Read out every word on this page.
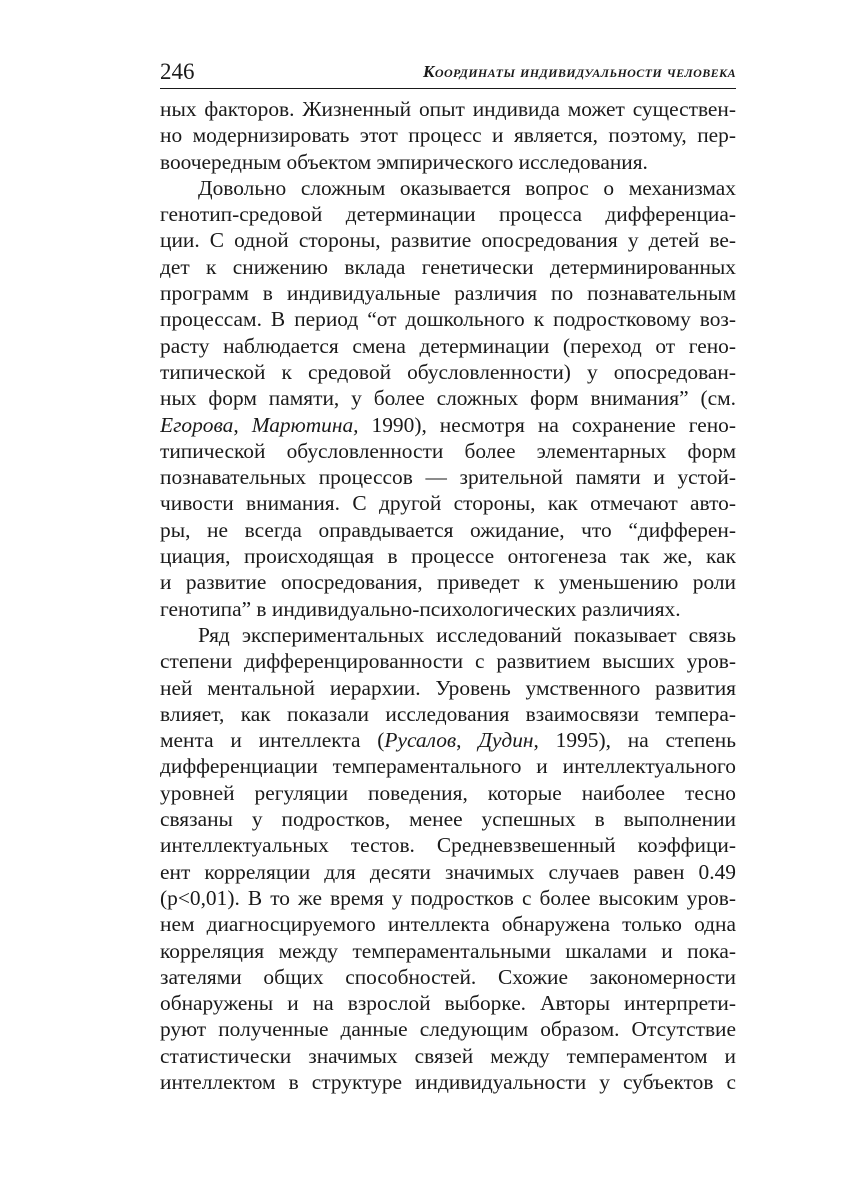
246	Координаты индивидуальности человека
ных факторов. Жизненный опыт индивида может существен-
но модернизировать этот процесс и является, поэтому, пер-
воочередным объектом эмпирического исследования.
Довольно сложным оказывается вопрос о механизмах
генотип-средовой детерминации процесса дифференциа-
ции. С одной стороны, развитие опосредования у детей ве-
дет к снижению вклада генетически детерминированных
программ в индивидуальные различия по познавательным
процессам. В период “от дошкольного к подростковому воз-
расту наблюдается смена детерминации (переход от гено-
типической к средовой обусловленности) у опосредован-
ных форм памяти, у более сложных форм внимания” (см.
Егорова, Марютина, 1990), несмотря на сохранение гено-
типической обусловленности более элементарных форм
познавательных процессов — зрительной памяти и устой-
чивости внимания. С другой стороны, как отмечают авто-
ры, не всегда оправдывается ожидание, что “дифферен-
циация, происходящая в процессе онтогенеза так же, как
и развитие опосредования, приведет к уменьшению роли
генотипа” в индивидуально-психологических различиях.
Ряд экспериментальных исследований показывает связь
степени дифференцированности с развитием высших уров-
ней ментальной иерархии. Уровень умственного развития
влияет, как показали исследования взаимосвязи темпера-
мента и интеллекта (Русалов, Дудин, 1995), на степень
дифференциации темпераментального и интеллектуального
уровней регуляции поведения, которые наиболее тесно
связаны у подростков, менее успешных в выполнении
интеллектуальных тестов. Средневзвешенный коэффици-
ент корреляции для десяти значимых случаев равен 0.49
(p<0,01). В то же время у подростков с более высоким уров-
нем диагносцируемого интеллекта обнаружена только одна
корреляция между темпераментальными шкалами и пока-
зателями общих способностей. Схожие закономерности
обнаружены и на взрослой выборке. Авторы интерпрети-
руют полученные данные следующим образом. Отсутствие
статистически значимых связей между темпераментом и
интеллектом в структуре индивидуальности у субъектов с
